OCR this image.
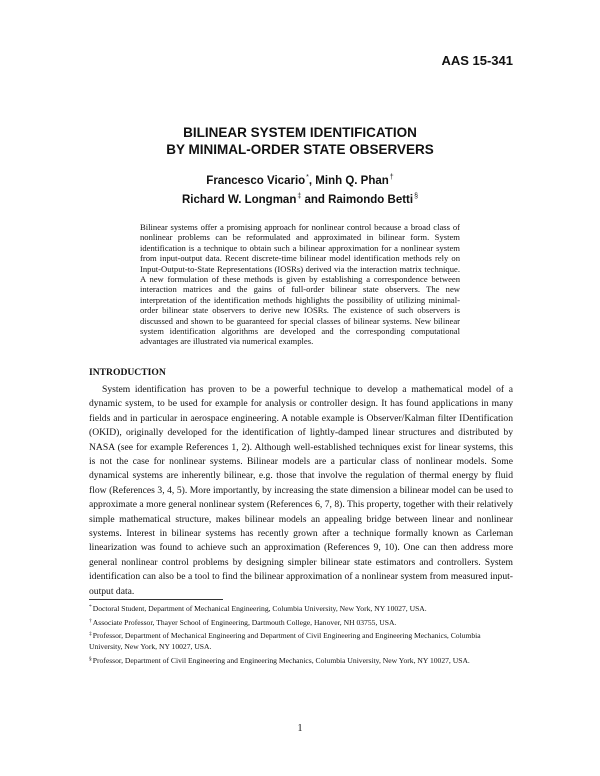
AAS 15-341
BILINEAR SYSTEM IDENTIFICATION
BY MINIMAL-ORDER STATE OBSERVERS
Francesco Vicario*, Minh Q. Phan†
Richard W. Longman‡ and Raimondo Betti§
Bilinear systems offer a promising approach for nonlinear control because a broad class of nonlinear problems can be reformulated and approximated in bilinear form. System identification is a technique to obtain such a bilinear approximation for a nonlinear system from input-output data. Recent discrete-time bilinear model identification methods rely on Input-Output-to-State Representations (IOSRs) derived via the interaction matrix technique. A new formulation of these methods is given by establishing a correspondence between interaction matrices and the gains of full-order bilinear state observers. The new interpretation of the identification methods highlights the possibility of utilizing minimal-order bilinear state observers to derive new IOSRs. The existence of such observers is discussed and shown to be guaranteed for special classes of bilinear systems. New bilinear system identification algorithms are developed and the corresponding computational advantages are illustrated via numerical examples.
INTRODUCTION
System identification has proven to be a powerful technique to develop a mathematical model of a dynamic system, to be used for example for analysis or controller design. It has found applications in many fields and in particular in aerospace engineering. A notable example is Observer/Kalman filter IDentification (OKID), originally developed for the identification of lightly-damped linear structures and distributed by NASA (see for example References 1, 2). Although well-established techniques exist for linear systems, this is not the case for nonlinear systems. Bilinear models are a particular class of nonlinear models. Some dynamical systems are inherently bilinear, e.g. those that involve the regulation of thermal energy by fluid flow (References 3, 4, 5). More importantly, by increasing the state dimension a bilinear model can be used to approximate a more general nonlinear system (References 6, 7, 8). This property, together with their relatively simple mathematical structure, makes bilinear models an appealing bridge between linear and nonlinear systems. Interest in bilinear systems has recently grown after a technique formally known as Carleman linearization was found to achieve such an approximation (References 9, 10). One can then address more general nonlinear control problems by designing simpler bilinear state estimators and controllers. System identification can also be a tool to find the bilinear approximation of a nonlinear system from measured input-output data.
*Doctoral Student, Department of Mechanical Engineering, Columbia University, New York, NY 10027, USA.
†Associate Professor, Thayer School of Engineering, Dartmouth College, Hanover, NH 03755, USA.
‡Professor, Department of Mechanical Engineering and Department of Civil Engineering and Engineering Mechanics, Columbia University, New York, NY 10027, USA.
§Professor, Department of Civil Engineering and Engineering Mechanics, Columbia University, New York, NY 10027, USA.
1
